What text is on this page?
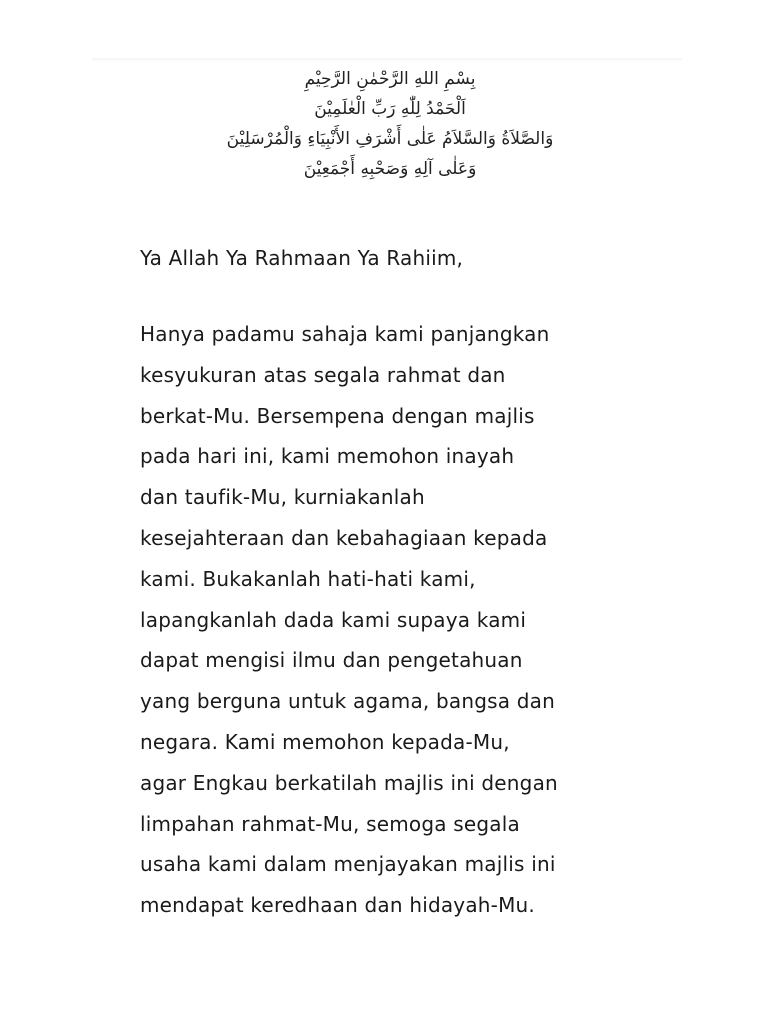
بِسْمِ اللهِ الرَّحْمٰنِ الرَّحِيْمِ
اَلْحَمْدُ لِلّٰهِ رَبِّ الْعٰلَمِيْنَ
وَالصَّلاَةُ وَالسَّلاَمُ عَلٰى أَشْرَفِ الأَنْبِيَاءِ وَالْمُرْسَلِيْنَ
وَعَلٰى آلِهِ وَصَحْبِهِ أَجْمَعِيْنَ
Ya Allah Ya Rahmaan Ya Rahiim,
Hanya padamu sahaja kami panjangkan
kesyukuran atas segala rahmat dan
berkat-Mu. Bersempena dengan majlis
pada hari ini, kami memohon inayah
dan taufik-Mu, kurniakanlah
kesejahteraan dan kebahagiaan kepada
kami. Bukakanlah hati-hati kami,
lapangkanlah dada kami supaya kami
dapat mengisi ilmu dan pengetahuan
yang berguna untuk agama, bangsa dan
negara. Kami memohon kepada-Mu,
agar Engkau berkatilah majlis ini dengan
limpahan rahmat-Mu, semoga segala
usaha kami dalam menjayakan majlis ini
mendapat keredhaan dan hidayah-Mu.
